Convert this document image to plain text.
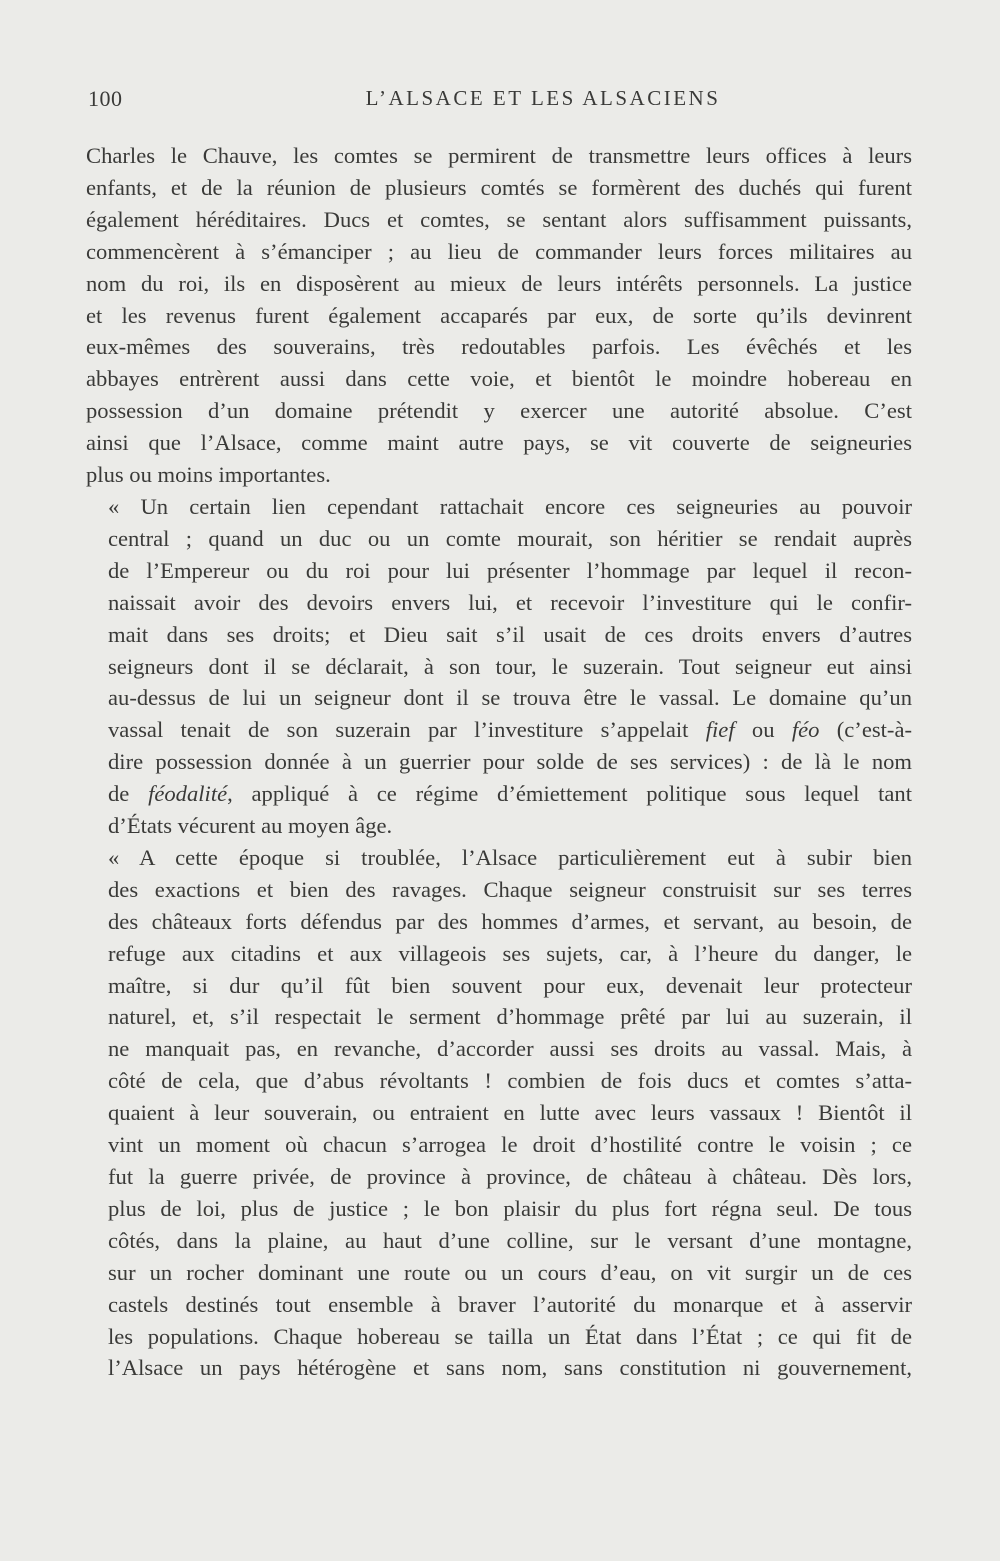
100	L’ALSACE ET LES ALSACIENS

Charles le Chauve, les comtes se permirent de transmettre leurs offices à leurs
enfants, et de la réunion de plusieurs comtés se formèrent des duchés qui furent
également héréditaires. Ducs et comtes, se sentant alors suffisamment puissants,
commencèrent à s’émanciper ; au lieu de commander leurs forces militaires au
nom du roi, ils en disposèrent au mieux de leurs intérêts personnels. La justice
et les revenus furent également accaparés par eux, de sorte qu’ils devinrent
eux-mêmes des souverains, très redoutables parfois. Les évêchés et les
abbayes entrèrent aussi dans cette voie, et bientôt le moindre hobereau en
possession d’un domaine prétendit y exercer une autorité absolue. C’est
ainsi que l’Alsace, comme maint autre pays, se vit couverte de seigneuries
plus ou moins importantes.

« Un certain lien cependant rattachait encore ces seigneuries au pouvoir
central ; quand un duc ou un comte mourait, son héritier se rendait auprès
de l’Empereur ou du roi pour lui présenter l’hommage par lequel il recon-
naissait avoir des devoirs envers lui, et recevoir l’investiture qui le confir-
mait dans ses droits; et Dieu sait s’il usait de ces droits envers d’autres
seigneurs dont il se déclarait, à son tour, le suzerain. Tout seigneur eut ainsi
au-dessus de lui un seigneur dont il se trouva être le vassal. Le domaine qu’un
vassal tenait de son suzerain par l’investiture s’appelait fief ou féo (c’est-à-
dire possession donnée à un guerrier pour solde de ses services) : de là le nom
de féodalité, appliqué à ce régime d’émiettement politique sous lequel tant
d’États vécurent au moyen âge.

« A cette époque si troublée, l’Alsace particulièrement eut à subir bien
des exactions et bien des ravages. Chaque seigneur construisit sur ses terres
des châteaux forts défendus par des hommes d’armes, et servant, au besoin, de
refuge aux citadins et aux villageois ses sujets, car, à l’heure du danger, le
maître, si dur qu’il fût bien souvent pour eux, devenait leur protecteur
naturel, et, s’il respectait le serment d’hommage prêté par lui au suzerain, il
ne manquait pas, en revanche, d’accorder aussi ses droits au vassal. Mais, à
côté de cela, que d’abus révoltants ! combien de fois ducs et comtes s’atta-
quaient à leur souverain, ou entraient en lutte avec leurs vassaux ! Bientôt il
vint un moment où chacun s’arrogea le droit d’hostilité contre le voisin ; ce
fut la guerre privée, de province à province, de château à château. Dès lors,
plus de loi, plus de justice ; le bon plaisir du plus fort régna seul. De tous
côtés, dans la plaine, au haut d’une colline, sur le versant d’une montagne,
sur un rocher dominant une route ou un cours d’eau, on vit surgir un de ces
castels destinés tout ensemble à braver l’autorité du monarque et à asservir
les populations. Chaque hobereau se tailla un État dans l’État ; ce qui fit de
l’Alsace un pays hétérogène et sans nom, sans constitution ni gouvernement,
